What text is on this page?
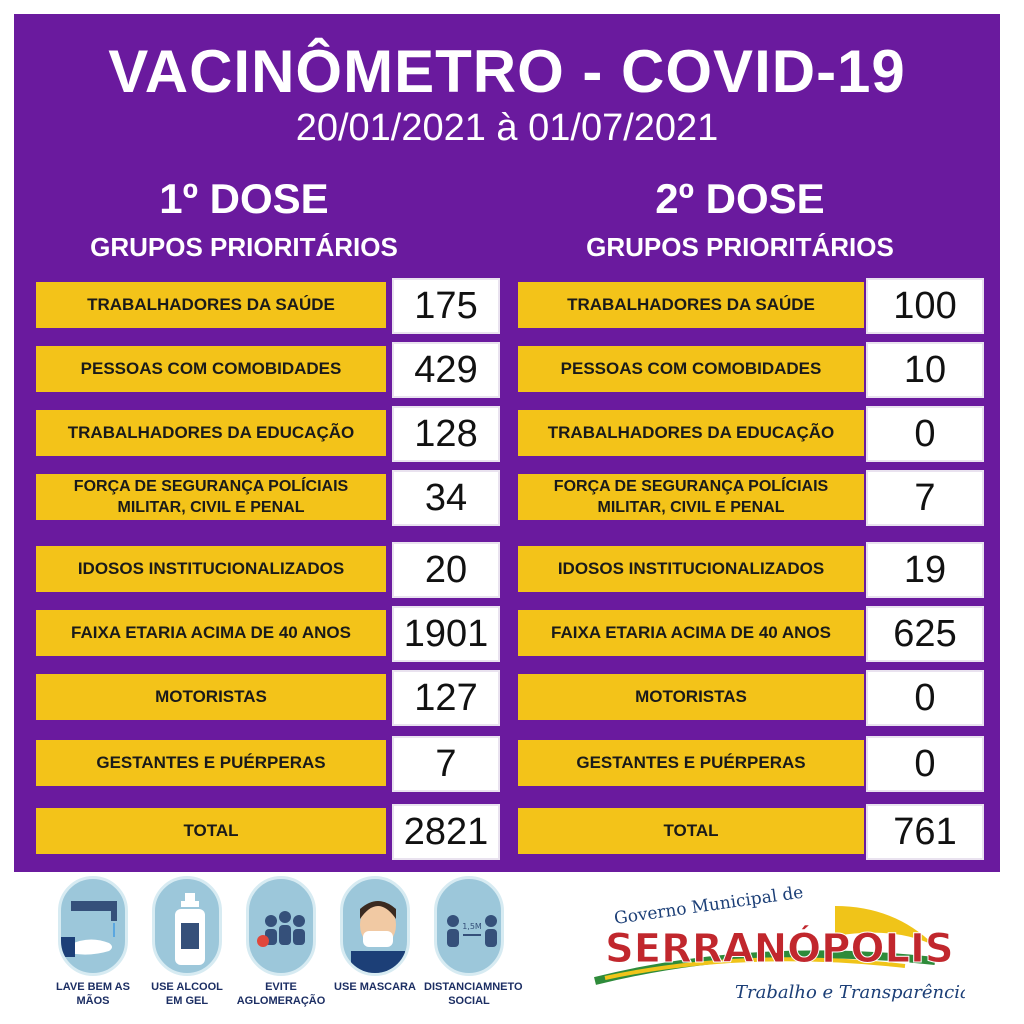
VACINÔMETRO - COVID-19
20/01/2021 à 01/07/2021
1º DOSE
GRUPOS PRIORITÁRIOS
2º DOSE
GRUPOS PRIORITÁRIOS
TRABALHADORES DA SAÚDE	175
PESSOAS COM COMOBIDADES	429
TRABALHADORES DA EDUCAÇÃO	128
FORÇA DE SEGURANÇA POLÍCIAIS MILITAR, CIVIL E PENAL	34
IDOSOS INSTITUCIONALIZADOS	20
FAIXA ETARIA ACIMA DE 40 ANOS	1901
MOTORISTAS	127
GESTANTES E PUÉRPERAS	7
TOTAL	2821
TRABALHADORES DA SAÚDE	100
PESSOAS COM COMOBIDADES	10
TRABALHADORES DA EDUCAÇÃO	0
FORÇA DE SEGURANÇA POLÍCIAIS MILITAR, CIVIL E PENAL	7
IDOSOS INSTITUCIONALIZADOS	19
FAIXA ETARIA ACIMA DE 40 ANOS	625
MOTORISTAS	0
GESTANTES E PUÉRPERAS	0
TOTAL	761
LAVE BEM AS MÃOS
USE ALCOOL EM GEL
EVITE AGLOMERAÇÃO
USE MASCARA
1,5M
DISTANCIAMNETO SOCIAL
Governo Municipal de
SERRANÓPOLIS
Trabalho e Transparência.
